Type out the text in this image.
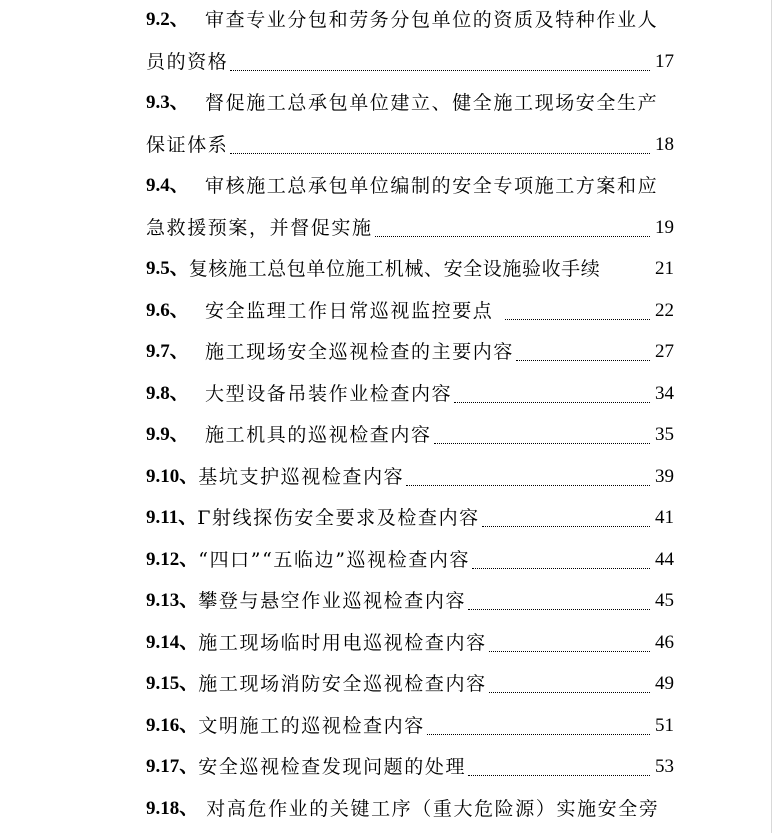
9.2、 审查专业分包和劳务分包单位的资质及特种作业人
员的资格	17
9.3、 督促施工总承包单位建立、健全施工现场安全生产
保证体系	18
9.4、 审核施工总承包单位编制的安全专项施工方案和应
急救援预案，并督促实施	19
9.5、 复核施工总包单位施工机械、安全设施验收手续	21
9.6、 安全监理工作日常巡视监控要点	22
9.7、 施工现场安全巡视检查的主要内容	27
9.8、 大型设备吊装作业检查内容	34
9.9、 施工机具的巡视检查内容	35
9.10、 基坑支护巡视检查内容	39
9.11、 Γ射线探伤安全要求及检查内容	41
9.12、 “四口”“五临边”巡视检查内容	44
9.13、 攀登与悬空作业巡视检查内容	45
9.14、 施工现场临时用电巡视检查内容	46
9.15、 施工现场消防安全巡视检查内容	49
9.16、 文明施工的巡视检查内容	51
9.17、 安全巡视检查发现问题的处理	53
9.18、 对高危作业的关键工序（重大危险源）实施安全旁
